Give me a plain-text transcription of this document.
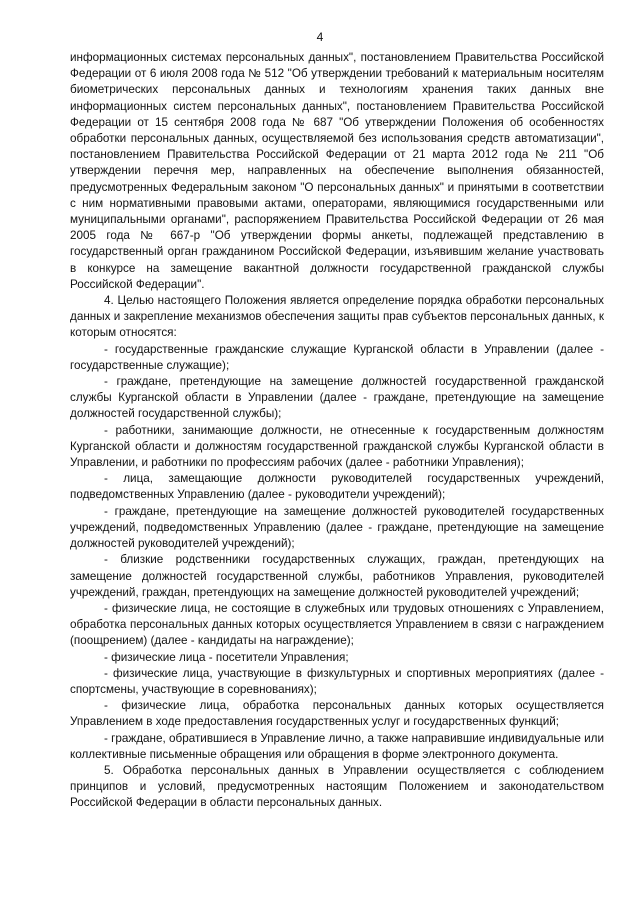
4

информационных системах персональных данных", постановлением Правительства Российской Федерации от 6 июля 2008 года № 512 "Об утверждении требований к материальным носителям биометрических персональных данных и технологиям хранения таких данных вне информационных систем персональных данных", постановлением Правительства Российской Федерации от 15 сентября 2008 года № 687 "Об утверждении Положения об особенностях обработки персональных данных, осуществляемой без использования средств автоматизации", постановлением Правительства Российской Федерации от 21 марта 2012 года № 211 "Об утверждении перечня мер, направленных на обеспечение выполнения обязанностей, предусмотренных Федеральным законом "О персональных данных" и принятыми в соответствии с ним нормативными правовыми актами, операторами, являющимися государственными или муниципальными органами", распоряжением Правительства Российской Федерации от 26 мая 2005 года № 667-р "Об утверждении формы анкеты, подлежащей представлению в государственный орган гражданином Российской Федерации, изъявившим желание участвовать в конкурсе на замещение вакантной должности государственной гражданской службы Российской Федерации".

4. Целью настоящего Положения является определение порядка обработки персональных данных и закрепление механизмов обеспечения защиты прав субъектов персональных данных, к которым относятся:

- государственные гражданские служащие Курганской области в Управлении (далее - государственные служащие);

- граждане, претендующие на замещение должностей государственной гражданской службы Курганской области в Управлении (далее - граждане, претендующие на замещение должностей государственной службы);

- работники, занимающие должности, не отнесенные к государственным должностям Курганской области и должностям государственной гражданской службы Курганской области в Управлении, и работники по профессиям рабочих (далее - работники Управления);

- лица, замещающие должности руководителей государственных учреждений, подведомственных Управлению (далее - руководители учреждений);

- граждане, претендующие на замещение должностей руководителей государственных учреждений, подведомственных Управлению (далее - граждане, претендующие на замещение должностей руководителей учреждений);

- близкие родственники государственных служащих, граждан, претендующих на замещение должностей государственной службы, работников Управления, руководителей учреждений, граждан, претендующих на замещение должностей руководителей учреждений;

- физические лица, не состоящие в служебных или трудовых отношениях с Управлением, обработка персональных данных которых осуществляется Управлением в связи с награждением (поощрением) (далее - кандидаты на награждение);

- физические лица - посетители Управления;

- физические лица, участвующие в физкультурных и спортивных мероприятиях (далее - спортсмены, участвующие в соревнованиях);

- физические лица, обработка персональных данных которых осуществляется Управлением в ходе предоставления государственных услуг и государственных функций;

- граждане, обратившиеся в Управление лично, а также направившие индивидуальные или коллективные письменные обращения или обращения в форме электронного документа.

5. Обработка персональных данных в Управлении осуществляется с соблюдением принципов и условий, предусмотренных настоящим Положением и законодательством Российской Федерации в области персональных данных.
